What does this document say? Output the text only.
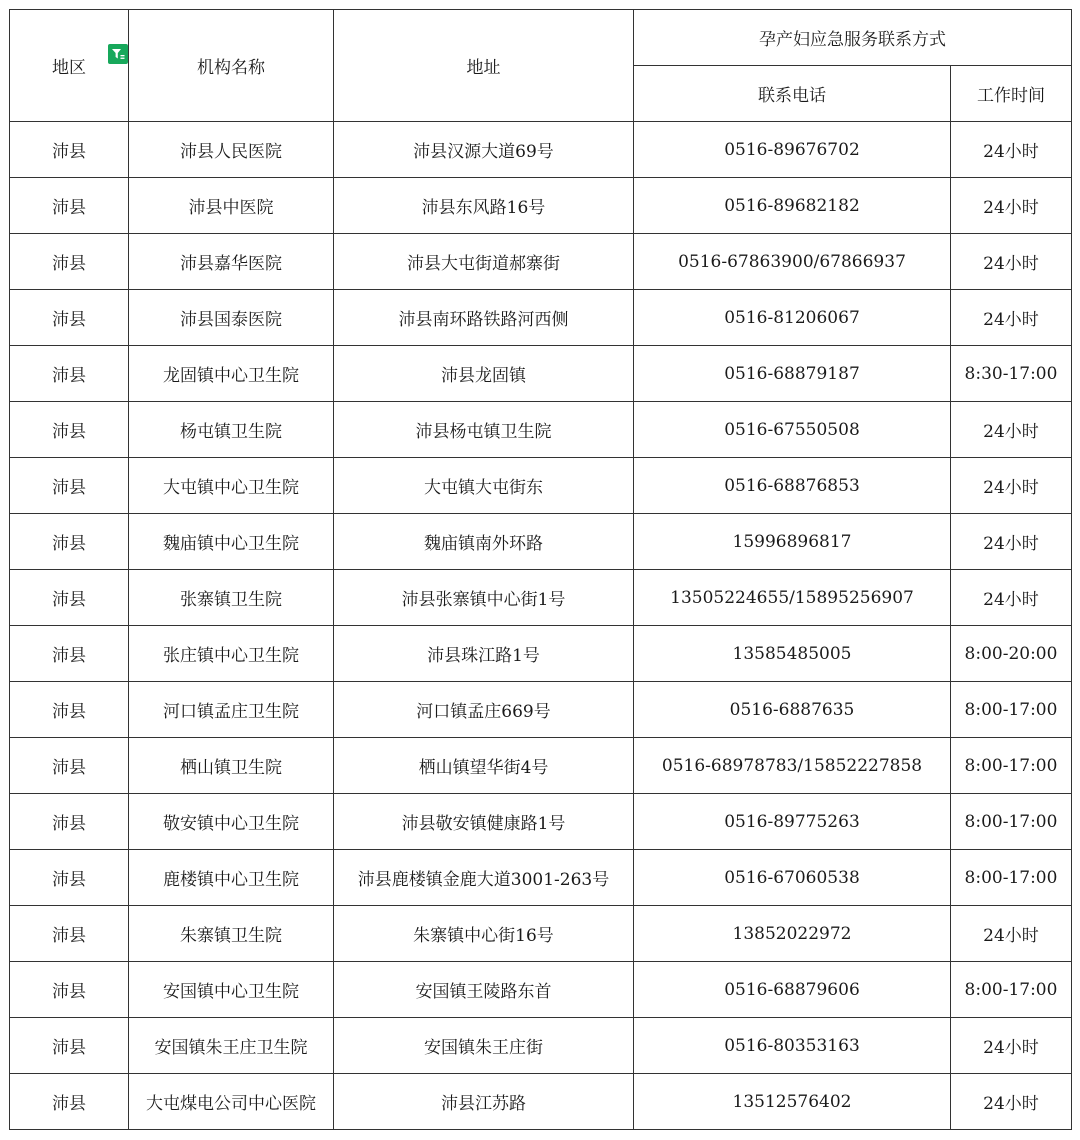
地区	机构名称	地址	孕产妇应急服务联系方式	
			联系电话	工作时间
沛县	沛县人民医院	沛县汉源大道69号	0516-89676702	24小时
沛县	沛县中医院	沛县东风路16号	0516-89682182	24小时
沛县	沛县嘉华医院	沛县大屯街道郝寨街	0516-67863900/67866937	24小时
沛县	沛县国泰医院	沛县南环路铁路河西侧	0516-81206067	24小时
沛县	龙固镇中心卫生院	沛县龙固镇	0516-68879187	8:30-17:00
沛县	杨屯镇卫生院	沛县杨屯镇卫生院	0516-67550508	24小时
沛县	大屯镇中心卫生院	大屯镇大屯街东	0516-68876853	24小时
沛县	魏庙镇中心卫生院	魏庙镇南外环路	15996896817	24小时
沛县	张寨镇卫生院	沛县张寨镇中心街1号	13505224655/15895256907	24小时
沛县	张庄镇中心卫生院	沛县珠江路1号	13585485005	8:00-20:00
沛县	河口镇孟庄卫生院	河口镇孟庄669号	0516-6887635	8:00-17:00
沛县	栖山镇卫生院	栖山镇望华街4号	0516-68978783/15852227858	8:00-17:00
沛县	敬安镇中心卫生院	沛县敬安镇健康路1号	0516-89775263	8:00-17:00
沛县	鹿楼镇中心卫生院	沛县鹿楼镇金鹿大道3001-263号	0516-67060538	8:00-17:00
沛县	朱寨镇卫生院	朱寨镇中心街16号	13852022972	24小时
沛县	安国镇中心卫生院	安国镇王陵路东首	0516-68879606	8:00-17:00
沛县	安国镇朱王庄卫生院	安国镇朱王庄街	0516-80353163	24小时
沛县	大屯煤电公司中心医院	沛县江苏路	13512576402	24小时
